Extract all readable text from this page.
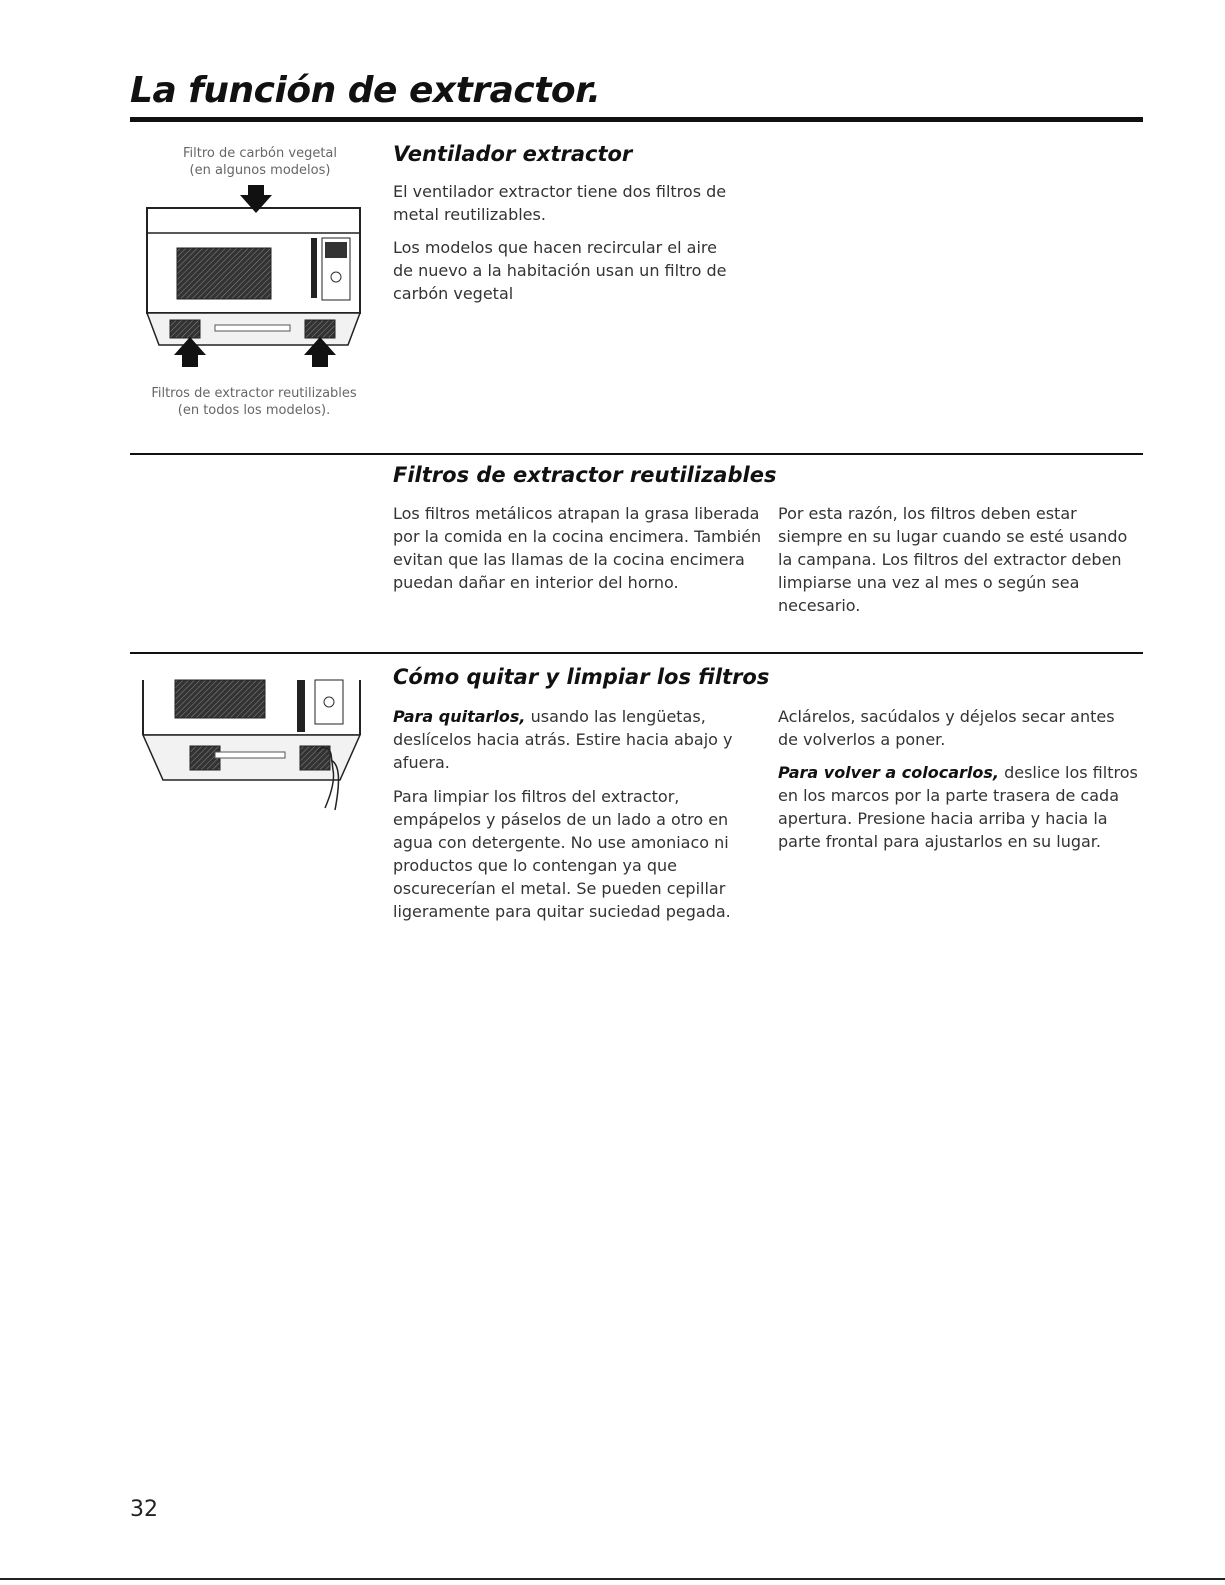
La función de extractor.
Filtro de carbón vegetal
(en algunos modelos)
Filtros de extractor reutilizables
(en todos los modelos).
Ventilador extractor

El ventilador extractor tiene dos filtros de metal reutilizables.

Los modelos que hacen recircular el aire de nuevo a la habitación usan un filtro de carbón vegetal

Filtros de extractor reutilizables

Los filtros metálicos atrapan la grasa liberada por la comida en la cocina encimera. También evitan que las llamas de la cocina encimera puedan dañar en interior del horno.

Por esta razón, los filtros deben estar siempre en su lugar cuando se esté usando la campana. Los filtros del extractor deben limpiarse una vez al mes o según sea necesario.

Cómo quitar y limpiar los filtros

Para quitarlos, usando las lengüetas, deslícelos hacia atrás. Estire hacia abajo y afuera.

Para limpiar los filtros del extractor, empápelos y páselos de un lado a otro en agua con detergente. No use amoniaco ni productos que lo contengan ya que oscurecerían el metal. Se pueden cepillar ligeramente para quitar suciedad pegada.

Aclárelos, sacúdalos y déjelos secar antes de volverlos a poner.

Para volver a colocarlos, deslice los filtros en los marcos por la parte trasera de cada apertura. Presione hacia arriba y hacia la parte frontal para ajustarlos en su lugar.

32
